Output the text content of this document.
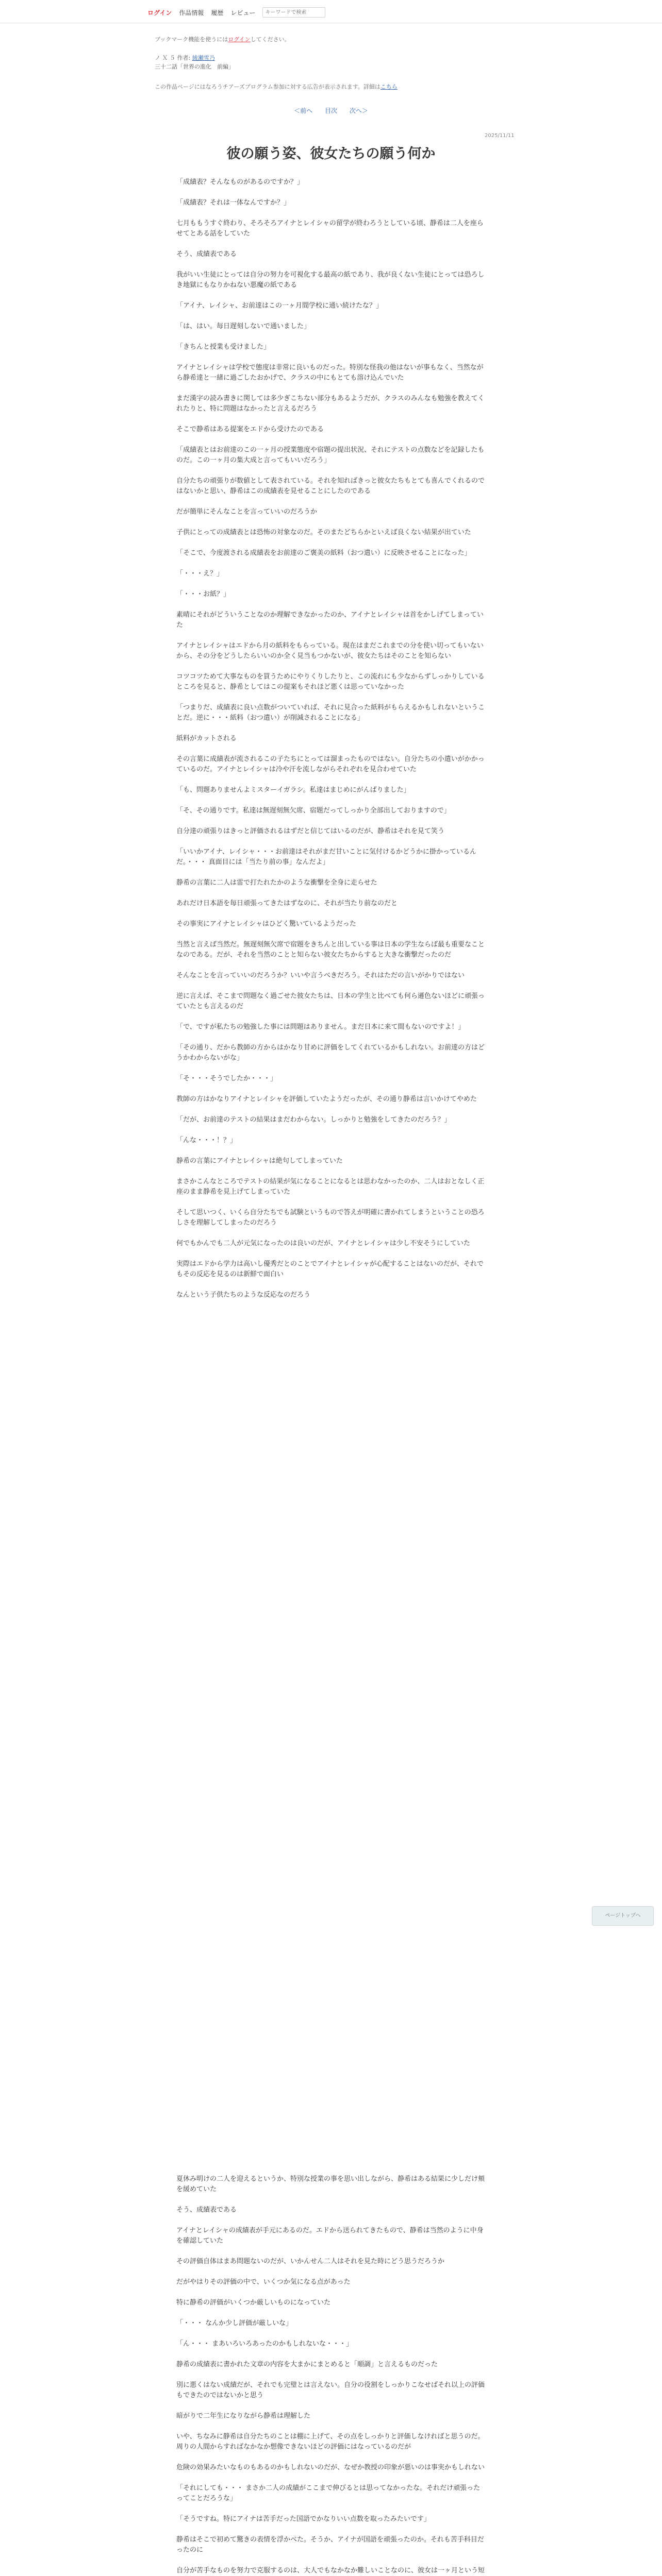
ログイン 作品情報 履歴 レビュー
キーワードで検索
ブックマーク機能を使うにはログインしてください。
ノ Ｘ ５ 作者: 綾瀬雪乃
三十二話「世界の進化　前編」
この作品ページにはなろうチアーズプログラム参加に対する広告が表示されます。詳細はこちら
＜前へ 目次 次へ＞
2025/11/11
彼の願う姿、彼女たちの願う何か

「成績表？そんなものがあるのですか？」

「成績表？それは一体なんですか？」

七月ももうすぐ終わり、そろそろアイナとレイシャの留学が終わろうとしている頃、静希は二人を座らせてとある話をしていた

そう、成績表である

我がいい生徒にとっては自分の努力を可視化する最高の紙であり、我が良くない生徒にとっては恐ろしき地獄にもなりかねない悪魔の紙である

「アイナ、レイシャ、お前達はこの一ヶ月間学校に通い続けたな？」

「は、はい。毎日遅刻しないで通いました」

「きちんと授業も受けました」

アイナとレイシャは学校で態度は非常に良いものだった。特別な怪我の他はないが事もなく、当然ながら静希達と一緒に過ごしたおかげで、クラスの中にもとても溶け込んでいた

まだ漢字の読み書きに関しては多少ぎこちない部分もあるようだが、クラスのみんなも勉強を教えてくれたりと、特に問題はなかったと言えるだろう

そこで静希はある提案をエドから受けたのである

「成績表とはお前達のこの一ヶ月の授業態度や宿題の提出状況、それにテストの点数などを記録したものだ。この一ヶ月の集大成と言ってもいいだろう」

自分たちの頑張りが数値として表されている。それを知ればきっと彼女たちもとても喜んでくれるのではないかと思い、静希はこの成績表を見せることにしたのである

だが簡単にそんなことを言っていいのだろうか

子供にとっての成績表とは恐怖の対象なのだ。そのまたどちらかといえば良くない結果が出ていた

「そこで、今度渡される成績表をお前達のご褒美の紙料（おつ遣い）に反映させることになった」

「・・・え？」

「・・・お紙？」

素晴にそれがどういうことなのか理解できなかったのか、アイナとレイシャは首をかしげてしまっていた

アイナとレイシャはエドから月の紙料をもらっている。現在はまだこれまでの分を使い切ってもいないから、その分をどうしたらいいのか全く見当もつかないが、彼女たちはそのことを知らない

コツコツためて大事なものを買うためにやりくりしたりと、この流れにも少なからずしっかりしているところを見ると、静希としてはこの提案もそれほど悪くは思っていなかった

「つまりだ、成績表に良い点数がついていれば、それに見合った紙料がもらえるかもしれないということだ。逆に・・・紙料（おつ遣い）が削減されることになる」

紙料がカットされる

その言葉に成績表が流されるこの子たちにとっては溜まったものではない。自分たちの小遣いがかかっているのだ。アイナとレイシャは冷や汗を流しながらそれぞれを見合わせていた

「も、問題ありませんよミスターイガラシ。私達はまじめにがんばりました」

「そ、その通りです。私達は無遅刻無欠席、宿題だってしっかり全部出しておりますので」

自分達の頑張りはきっと評価されるはずだと信じてはいるのだが、静希はそれを見て笑う

「いいかアイナ、レイシャ・・・お前達はそれがまだ甘いことに気付けるかどうかに掛かっているんだ。・・・ 真面目には「当たり前の事」なんだよ」

静希の言葉に二人は雷で打たれたかのような衝撃を全身に走らせた

あれだけ日本語を毎日頑張ってきたはずなのに、それが当たり前なのだと

その事実にアイナとレイシャはひどく驚いているようだった

当然と言えば当然だ。無遅刻無欠席で宿題をきちんと出している事は日本の学生ならば最も重要なことなのである。だが、それを当然のことと知らない彼女たちからすると大きな衝撃だったのだ

そんなことを言っていいのだろうか？いいや言うべきだろう。それはただの言いがかりではない

逆に言えば、そこまで問題なく過ごせた彼女たちは、日本の学生と比べても何ら遜色ないほどに頑張っていたとも言えるのだ

「で、ですが私たちの勉強した事には問題はありません。まだ日本に来て間もないのですよ！」

「その通り、だから教師の方からはかなり甘めに評価をしてくれているかもしれない。お前達の方はどうかわからないがな」

「そ・・・そうでしたか・・・」

教師の方はかなりアイナとレイシャを評価していたようだったが、その通り静希は言いかけてやめた

「だが、お前達のテストの結果はまだわからない。しっかりと勉強をしてきたのだろう？」

「んな・・・！？」

静希の言葉にアイナとレイシャは絶句してしまっていた

まさかこんなところでテストの結果が気になることになるとは思わなかったのか、二人はおとなしく正座のまま静希を見上げてしまっていた

そして思いつく、いくら自分たちでも試験というもので答えが明確に書かれてしまうということの恐ろしさを理解してしまったのだろう

何でもかんでも二人が元気になったのは良いのだが、アイナとレイシャは少し不安そうにしていた

実際はエドから学力は高いし優秀だとのことでアイナとレイシャが心配することはないのだが、それでもその反応を見るのは新鮮で面白い

なんという子供たちのような反応なのだろう

夏休み明けの二人を迎えるというか、特別な授業の事を思い出しながら、静希はある結果に少しだけ頬を緩めていた

そう、成績表である

アイナとレイシャの成績表が手元にあるのだ。エドから送られてきたもので、静希は当然のように中身を確認していた

その評価自体はまあ問題ないのだが、いかんせん二人はそれを見た時にどう思うだろうか

だがやはりその評価の中で、いくつか気になる点があった

特に静希の評価がいくつか厳しいものになっていた

「・・・ なんか少し評価が厳しいな」

「ん・・・ まあいろいろあったのかもしれないな・・・」

静希の成績表に書かれた文章の内容を大まかにまとめると「順調」と言えるものだった

別に悪くはない成績だが、それでも完璧とは言えない。自分の役割をしっかりこなせばそれ以上の評価もできたのではないかと思う

暗がりで二年生になりながら静希は理解した

いや、ちなみに静希は自分たちのことは棚に上げて、その点をしっかりと評価しなければと思うのだ。周りの人間からすればなかなか想像できないほどの評価にはなっているのだが

危険の効果みたいなものもあるのかもしれないのだが、なぜか教授の印象が悪いのは事実かもしれない

「それにしても・・・ まさか二人の成績がここまで伸びるとは思ってなかったな。それだけ頑張ったってことだろうな」

「そうですね。特にアイナは苦手だった国語でかなりいい点数を取ったみたいです」

静希はそこで初めて驚きの表情を浮かべた。そうか、アイナが国語を頑張ったのか。それも苦手科目だったのに

自分が苦手なものを努力で克服するのは、大人でもなかなか難しいことなのに、彼女は一ヶ月という短

ページトップへ
